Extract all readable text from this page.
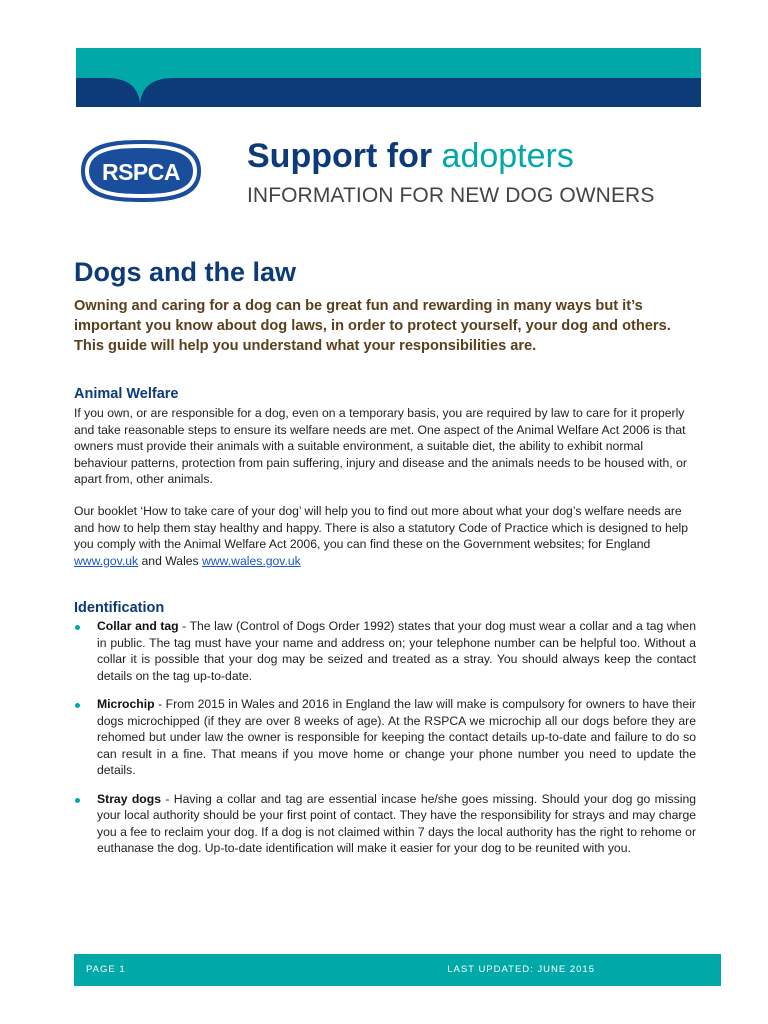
RSPCA Support for adopters
INFORMATION FOR NEW DOG OWNERS
Dogs and the law
Owning and caring for a dog can be great fun and rewarding in many ways but it’s important you know about dog laws, in order to protect yourself, your dog and others. This guide will help you understand what your responsibilities are.
Animal Welfare
If you own, or are responsible for a dog, even on a temporary basis, you are required by law to care for it properly and take reasonable steps to ensure its welfare needs are met. One aspect of the Animal Welfare Act 2006 is that owners must provide their animals with a suitable environment, a suitable diet, the ability to exhibit normal behaviour patterns, protection from pain suffering, injury and disease and the animals needs to be housed with, or apart from, other animals.
Our booklet ‘How to take care of your dog’ will help you to find out more about what your dog’s welfare needs are and how to help them stay healthy and happy. There is also a statutory Code of Practice which is designed to help you comply with the Animal Welfare Act 2006, you can find these on the Government websites; for England www.gov.uk and Wales www.wales.gov.uk
Identification
Collar and tag - The law (Control of Dogs Order 1992) states that your dog must wear a collar and a tag when in public. The tag must have your name and address on; your telephone number can be helpful too. Without a collar it is possible that your dog may be seized and treated as a stray. You should always keep the contact details on the tag up-to-date.
Microchip - From 2015 in Wales and 2016 in England the law will make is compulsory for owners to have their dogs microchipped (if they are over 8 weeks of age). At the RSPCA we microchip all our dogs before they are rehomed but under law the owner is responsible for keeping the contact details up-to-date and failure to do so can result in a fine. That means if you move home or change your phone number you need to update the details.
Stray dogs - Having a collar and tag are essential incase he/she goes missing. Should your dog go missing your local authority should be your first point of contact. They have the responsibility for strays and may charge you a fee to reclaim your dog. If a dog is not claimed within 7 days the local authority has the right to rehome or euthanase the dog. Up-to-date identification will make it easier for your dog to be reunited with you.
PAGE 1	LAST UPDATED: JUNE 2015
